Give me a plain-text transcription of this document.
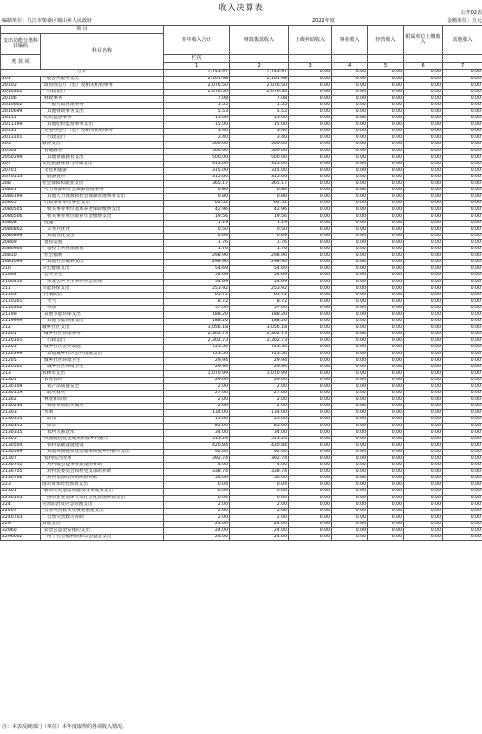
收入决算表
公开02表
编制单位：九江市柴桑区城山乡人民政府	2022年度	金额单位：万元
项 目		本年收入合计	财政拨款收入	上级补助收入	事业收入	经营收入	附属单位上缴收入	其他收入
支出功能分类科目编码	科目名称							
类 款 项		栏次						
		1	2	3	4	5	6	7
合计		7,743.97	7,743.97	0.00	0.00	0.00	0.00	0.00
201	一般公共服务支出	2,101.98	2,101.98	0.00	0.00	0.00	0.00	0.00
20103	政府办公厅（室）及相关机构事务	2,076.50	2,076.50	0.00	0.00	0.00	0.00	0.00
2010301	行政运行	2,076.50	2,076.50	0.00	0.00	0.00	0.00	0.00
20106	财政事务	7.08	7.08	0.00	0.00	0.00	0.00	0.00
2010602	一般行政管理事务	1.55	1.55	0.00	0.00	0.00	0.00	0.00
2010699	其他财政事务支出	5.53	5.53	0.00	0.00	0.00	0.00	0.00
20111	纪检监察事务	15.00	15.00	0.00	0.00	0.00	0.00	0.00
2011199	其他纪检监察事务支出	15.00	15.00	0.00	0.00	0.00	0.00	0.00
20131	党委办公厅（室）及相关机构事务	3.40	3.40	0.00	0.00	0.00	0.00	0.00
2013101	行政运行	3.40	3.40	0.00	0.00	0.00	0.00	0.00
205	教育支出	500.00	500.00	0.00	0.00	0.00	0.00	0.00
20502	普通教育	500.00	500.00	0.00	0.00	0.00	0.00	0.00
2050299	其他普通教育支出	500.00	500.00	0.00	0.00	0.00	0.00	0.00
207	文化旅游体育与传媒支出	315.00	315.00	0.00	0.00	0.00	0.00	0.00
20701	文化和旅游	315.00	315.00	0.00	0.00	0.00	0.00	0.00
2070113	旅游宣传	315.00	315.00	0.00	0.00	0.00	0.00	0.00
208	社会保障和就业支出	365.17	365.17	0.00	0.00	0.00	0.00	0.00
20801	人力资源和社会保障管理事务	0.80	0.80	0.00	0.00	0.00	0.00	0.00
2080199	其他人力资源和社会保障管理事务支出	0.80	0.80	0.00	0.00	0.00	0.00	0.00
20805	行政事业单位养老支出	62.52	62.52	0.00	0.00	0.00	0.00	0.00
2080505	机关事业单位基本养老保险缴费支出	42.96	42.96	0.00	0.00	0.00	0.00	0.00
2080506	机关事业单位职业年金缴费支出	19.56	19.56	0.00	0.00	0.00	0.00	0.00
20808	抚恤	1.19	1.19	0.00	0.00	0.00	0.00	0.00
2080802	义务兵优待	0.50	0.50	0.00	0.00	0.00	0.00	0.00
2080899	其他优抚支出	0.69	0.69	0.00	0.00	0.00	0.00	0.00
20809	退役安置	1.76	1.76	0.00	0.00	0.00	0.00	0.00
2080904	退役士兵管理教育	1.76	1.76	0.00	0.00	0.00	0.00	0.00
20810	社会福利	298.90	298.90	0.00	0.00	0.00	0.00	0.00
2081099	其他社会福利支出	298.90	298.90	0.00	0.00	0.00	0.00	0.00
210	卫生健康支出	54.69	54.69	0.00	0.00	0.00	0.00	0.00
21004	公共卫生	54.69	54.69	0.00	0.00	0.00	0.00	0.00
2100410	突发公共卫生事件应急处理	54.69	54.69	0.00	0.00	0.00	0.00	0.00
211	节能环保支出	253.92	253.92	0.00	0.00	0.00	0.00	0.00
21103	污染防治	65.72	65.72	0.00	0.00	0.00	0.00	0.00
2110301	大气	8.72	8.72	0.00	0.00	0.00	0.00	0.00
2110302	水体	57.00	57.00	0.00	0.00	0.00	0.00	0.00
21199	其他节能环保支出	188.20	188.20	0.00	0.00	0.00	0.00	0.00
2119999	其他节能环保支出	188.20	188.20	0.00	0.00	0.00	0.00	0.00
212	城乡社区支出	3,056.18	3,056.18	0.00	0.00	0.00	0.00	0.00
21201	城乡社区管理事务	2,302.73	2,302.73	0.00	0.00	0.00	0.00	0.00
2120101	行政运行	2,302.73	2,302.73	0.00	0.00	0.00	0.00	0.00
21203	城乡社区公共设施	723.50	723.50	0.00	0.00	0.00	0.00	0.00
2120399	其他城乡社区公共设施支出	723.50	723.50	0.00	0.00	0.00	0.00	0.00
21205	城乡社区环境卫生	29.94	29.94	0.00	0.00	0.00	0.00	0.00
2120501	城乡社区环境卫生	29.94	29.94	0.00	0.00	0.00	0.00	0.00
213	农林水支出	1,070.99	1,070.99	0.00	0.00	0.00	0.00	0.00
21301	农业农村	29.00	29.00	0.00	0.00	0.00	0.00	0.00
2130109	农产品质量安全	2.00	2.00	0.00	0.00	0.00	0.00	0.00
2130119	防灾救灾	27.00	27.00	0.00	0.00	0.00	0.00	0.00
21302	林业和草原	2.00	2.00	0.00	0.00	0.00	0.00	0.00
2130234	林业草原防灾减灾	2.00	2.00	0.00	0.00	0.00	0.00	0.00
21303	水利	134.00	134.00	0.00	0.00	0.00	0.00	0.00
2130314	防汛	15.00	15.00	0.00	0.00	0.00	0.00	0.00
2130315	抗旱	85.00	85.00	0.00	0.00	0.00	0.00	0.00
2130335	农村人畜饮水	34.00	34.00	0.00	0.00	0.00	0.00	0.00
21305	巩固脱贫攻坚成果衔接乡村振兴	513.24	513.24	0.00	0.00	0.00	0.00	0.00
2130504	农村基础设施建设	420.84	420.84	0.00	0.00	0.00	0.00	0.00
2130599	其他巩固脱贫攻坚成果衔接乡村振兴支出	92.40	92.40	0.00	0.00	0.00	0.00	0.00
21307	农村综合改革	392.74	392.74	0.00	0.00	0.00	0.00	0.00
2130701	对村级公益事业建设的补助	4.00	4.00	0.00	0.00	0.00	0.00	0.00
2130705	对村民委员会和村党支部的补助	338.74	338.74	0.00	0.00	0.00	0.00	0.00
2130706	对村集体经济组织的补助	50.00	50.00	0.00	0.00	0.00	0.00	0.00
223	国有资本经营预算支出	0.04	0.04	0.00	0.00	0.00	0.00	0.00
22301	解决历史遗留问题及改革成本支出	0.04	0.04	0.00	0.00	0.00	0.00	0.00
2230105	国有企业退休人员社会化管理补助支出	0.04	0.04	0.00	0.00	0.00	0.00	0.00
224	灾害防治及应急管理支出	2.00	2.00	0.00	0.00	0.00	0.00	0.00
22407	自然灾害救灾及恢复重建支出	2.00	2.00	0.00	0.00	0.00	0.00	0.00
2240703	自然灾害救灾补助	2.00	2.00	0.00	0.00	0.00	0.00	0.00
229	其他支出	24.00	24.00	0.00	0.00	0.00	0.00	0.00
22960	彩票公益金安排的支出	24.00	24.00	0.00	0.00	0.00	0.00	0.00
2296002	用于社会福利的彩票公益金支出	24.00	24.00	0.00	0.00	0.00	0.00	0.00
注：本表反映部门（单位）本年度取得的各项收入情况。
